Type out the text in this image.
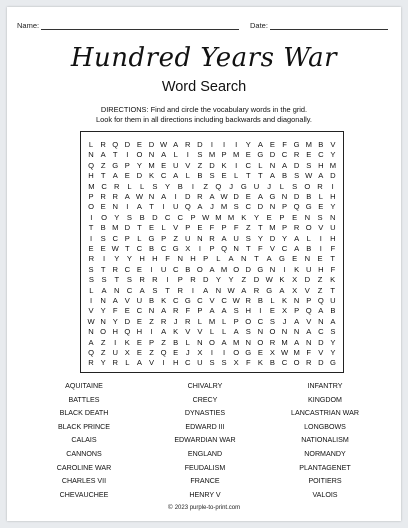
Name:	Date:
Hundred Years War
Word Search
DIRECTIONS: Find and circle the vocabulary words in the grid.
Look for them in all directions including backwards and diagonally.
L R Q D E D W A R D	I	I	I	Y A E F G M B V
N A T	I	O N A L	I	S M P M E G D C R E C Y
Q Z G P Y M E U V Z D K	I	C L N A D S H M
H T A E D K C A L B S E L	T T A B S W A D
M C R	L	L	S	Y	B	I	Z Q	J	G U	J	L	S O R	I
P R R A W N A	I	D R A W D E A G N D B L H
O E N	I	A T	I	U Q A	J M S C D N P Q G E Y
I	O Y	S	B D C C P W M M K	Y	E	P	E N S N
T B M D T E L V P E F P F Z T M P R O V U
I	S C P L G P Z U N R A U S Y D Y A L	I	H
E E W T C B C G X	I	P Q N T F V C A B	I	F
R	I	Y	Y H H	F	N H P	L	A N	T	A G E N E	T
S T R C E	I	U C B O A M O D G N	I	K U H F
S	S	T	S R R	I	P R D Y	Y	Z	D W K	X D	Z	K
L	A N C A	S	T	R	I	A N W A R G A	X	V	Z	T
I	N A V U B K C G C V C W R B L K N P Q U
V Y F E C N A R F P A A S H	I	E X P Q A B
W N Y D E Z R J R L M L P O C S	J	A V N A
N O H Q H	I	A K V V L	L A S N O N N A C S
A Z	I	K E P Z B L N O A M N O R M A N D Y
Q Z U X E Z Q E	J	X	I	I	O G E X W M F V Y
R Y R L A V	I	H C U S S X F K B C O R D G
AQUITAINE
BATTLES
BLACK DEATH
BLACK PRINCE
CALAIS
CANNONS
CAROLINE WAR
CHARLES VII
CHEVAUCHEE
CHIVALRY
CRECY
DYNASTIES
EDWARD III
EDWARDIAN WAR
ENGLAND
FEUDALISM
FRANCE
HENRY V
INFANTRY
KINGDOM
LANCASTRIAN WAR
LONGBOWS
NATIONALISM
NORMANDY
PLANTAGENET
POITIERS
VALOIS
© 2023 purple-to-print.com
